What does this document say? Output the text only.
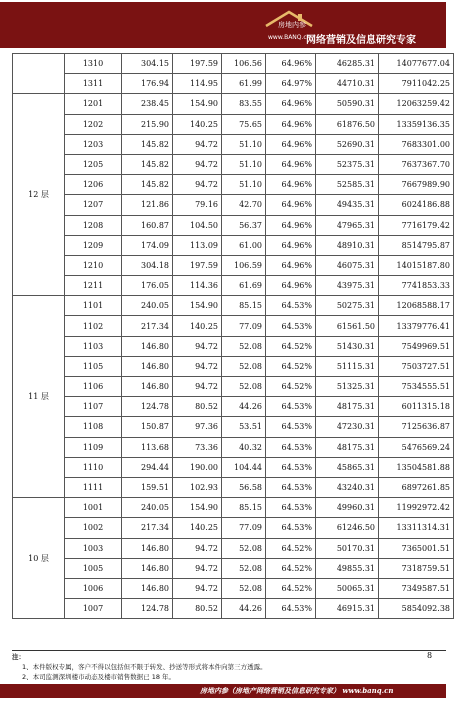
房地内参
www.BANQ.cn
网络营销及信息研究专家
	1310	304.15	197.59	106.56	64.96%	46285.31	14077677.04
	1311	176.94	114.95	61.99	64.97%	44710.31	7911042.25
12 层	1201	238.45	154.90	83.55	64.96%	50590.31	12063259.42
	1202	215.90	140.25	75.65	64.96%	61876.50	13359136.35
	1203	145.82	94.72	51.10	64.96%	52690.31	7683301.00
	1205	145.82	94.72	51.10	64.96%	52375.31	7637367.70
	1206	145.82	94.72	51.10	64.96%	52585.31	7667989.90
	1207	121.86	79.16	42.70	64.96%	49435.31	6024186.88
	1208	160.87	104.50	56.37	64.96%	47965.31	7716179.42
	1209	174.09	113.09	61.00	64.96%	48910.31	8514795.87
	1210	304.18	197.59	106.59	64.96%	46075.31	14015187.80
	1211	176.05	114.36	61.69	64.96%	43975.31	7741853.33
11 层	1101	240.05	154.90	85.15	64.53%	50275.31	12068588.17
	1102	217.34	140.25	77.09	64.53%	61561.50	13379776.41
	1103	146.80	94.72	52.08	64.52%	51430.31	7549969.51
	1105	146.80	94.72	52.08	64.52%	51115.31	7503727.51
	1106	146.80	94.72	52.08	64.52%	51325.31	7534555.51
	1107	124.78	80.52	44.26	64.53%	48175.31	6011315.18
	1108	150.87	97.36	53.51	64.53%	47230.31	7125636.87
	1109	113.68	73.36	40.32	64.53%	48175.31	5476569.24
	1110	294.44	190.00	104.44	64.53%	45865.31	13504581.88
	1111	159.51	102.93	56.58	64.53%	43240.31	6897261.85
10 层	1001	240.05	154.90	85.15	64.53%	49960.31	11992972.42
	1002	217.34	140.25	77.09	64.53%	61246.50	13311314.31
	1003	146.80	94.72	52.08	64.52%	50170.31	7365001.51
	1005	146.80	94.72	52.08	64.52%	49855.31	7318759.51
	1006	146.80	94.72	52.08	64.52%	50065.31	7349587.51
	1007	124.78	80.52	44.26	64.53%	46915.31	5854092.38
注：
1、本件版权专属，客户不得以包括但不限于转发、抄送等形式将本件向第三方透露。
2、本司监测深圳楼市动态及楼市销售数据已 18 年。
8
房地内参（房地产网络营销及信息研究专家） www.banq.cn
